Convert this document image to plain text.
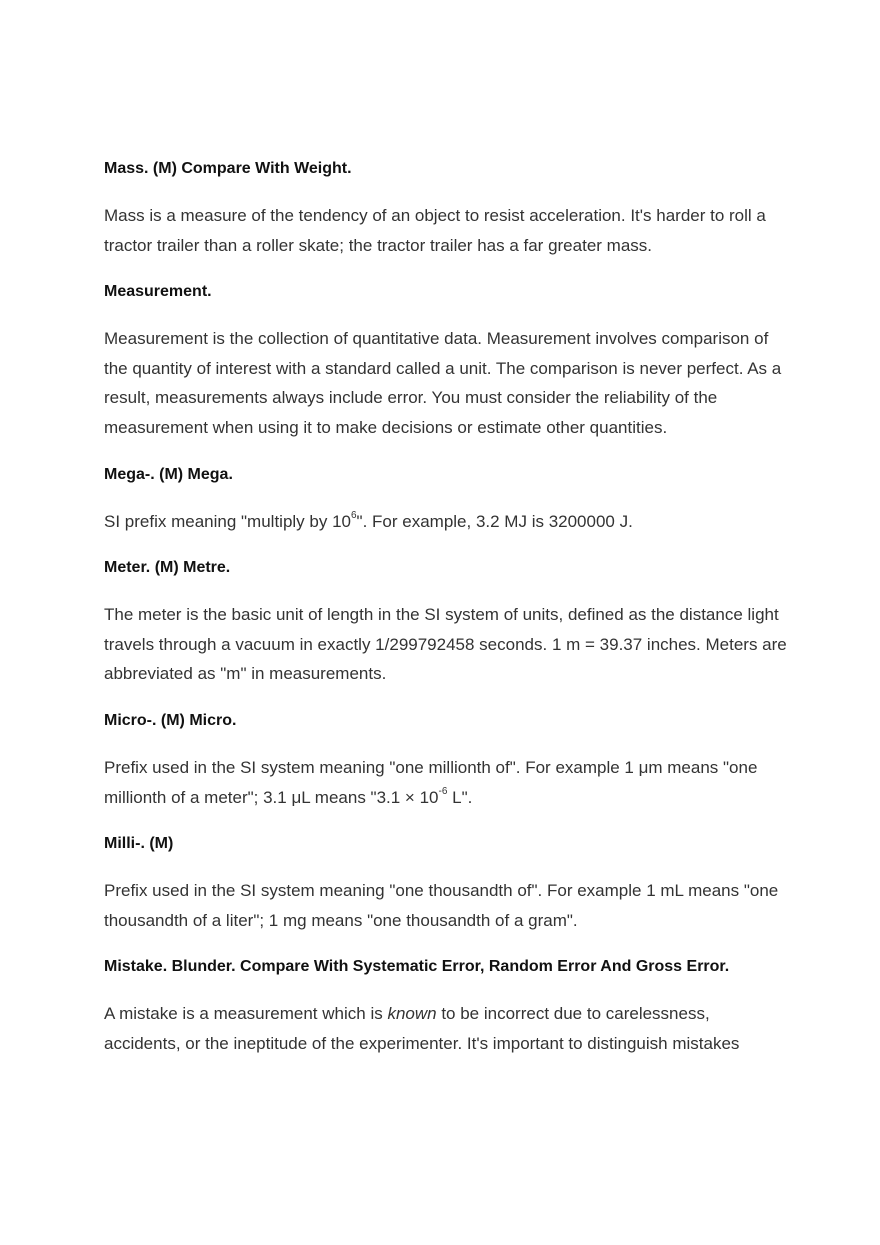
Mass. (M) Compare With Weight.

Mass is a measure of the tendency of an object to resist acceleration. It's harder to roll a tractor trailer than a roller skate; the tractor trailer has a far greater mass.

Measurement.

Measurement is the collection of quantitative data. Measurement involves comparison of the quantity of interest with a standard called a unit. The comparison is never perfect. As a result, measurements always include error. You must consider the reliability of the measurement when using it to make decisions or estimate other quantities.

Mega-. (M) Mega.

SI prefix meaning "multiply by $10^6$". For example, 3.2 MJ is 3200000 J.

Meter. (M) Metre.

The meter is the basic unit of length in the SI system of units, defined as the distance light travels through a vacuum in exactly 1/299792458 seconds. 1 m = 39.37 inches. Meters are abbreviated as "m" in measurements.

Micro-. (M) Micro.

Prefix used in the SI system meaning "one millionth of". For example 1 μm means "one millionth of a meter"; 3.1 μL means "$3.1 \times 10^{-6}$ L".

Milli-. (M)

Prefix used in the SI system meaning "one thousandth of". For example 1 mL means "one thousandth of a liter"; 1 mg means "one thousandth of a gram".

Mistake. Blunder. Compare With Systematic Error, Random Error And Gross Error.

A mistake is a measurement which is known to be incorrect due to carelessness, accidents, or the ineptitude of the experimenter. It's important to distinguish mistakes
